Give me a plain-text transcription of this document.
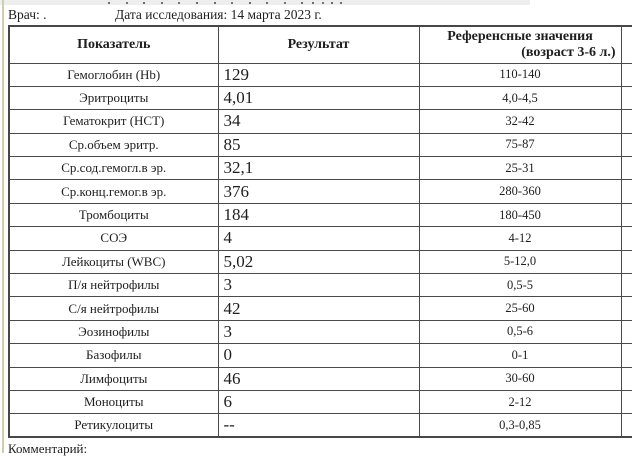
Врач: .	Дата исследования: 14 марта 2023 г.
Показатель	Результат	Референсные значения
(возраст 3-6 л.)	

Гемоглобин (Hb)	129	110-140	
Эритроциты	4,01	4,0-4,5	
Гематокрит (HCT)	34	32-42	
Ср.объем эритр.	85	75-87	
Ср.сод.гемогл.в эр.	32,1	25-31	
Ср.конц.гемог.в эр.	376	280-360	
Тромбоциты	184	180-450	
СОЭ	4	4-12	
Лейкоциты (WBC)	5,02	5-12,0	
П/я нейтрофилы	3	0,5-5	
С/я нейтрофилы	42	25-60	
Эозинофилы	3	0,5-6	
Базофилы	0	0-1	
Лимфоциты	46	30-60	
Моноциты	6	2-12	
Ретикулоциты	--	0,3-0,85	
Комментарий:
